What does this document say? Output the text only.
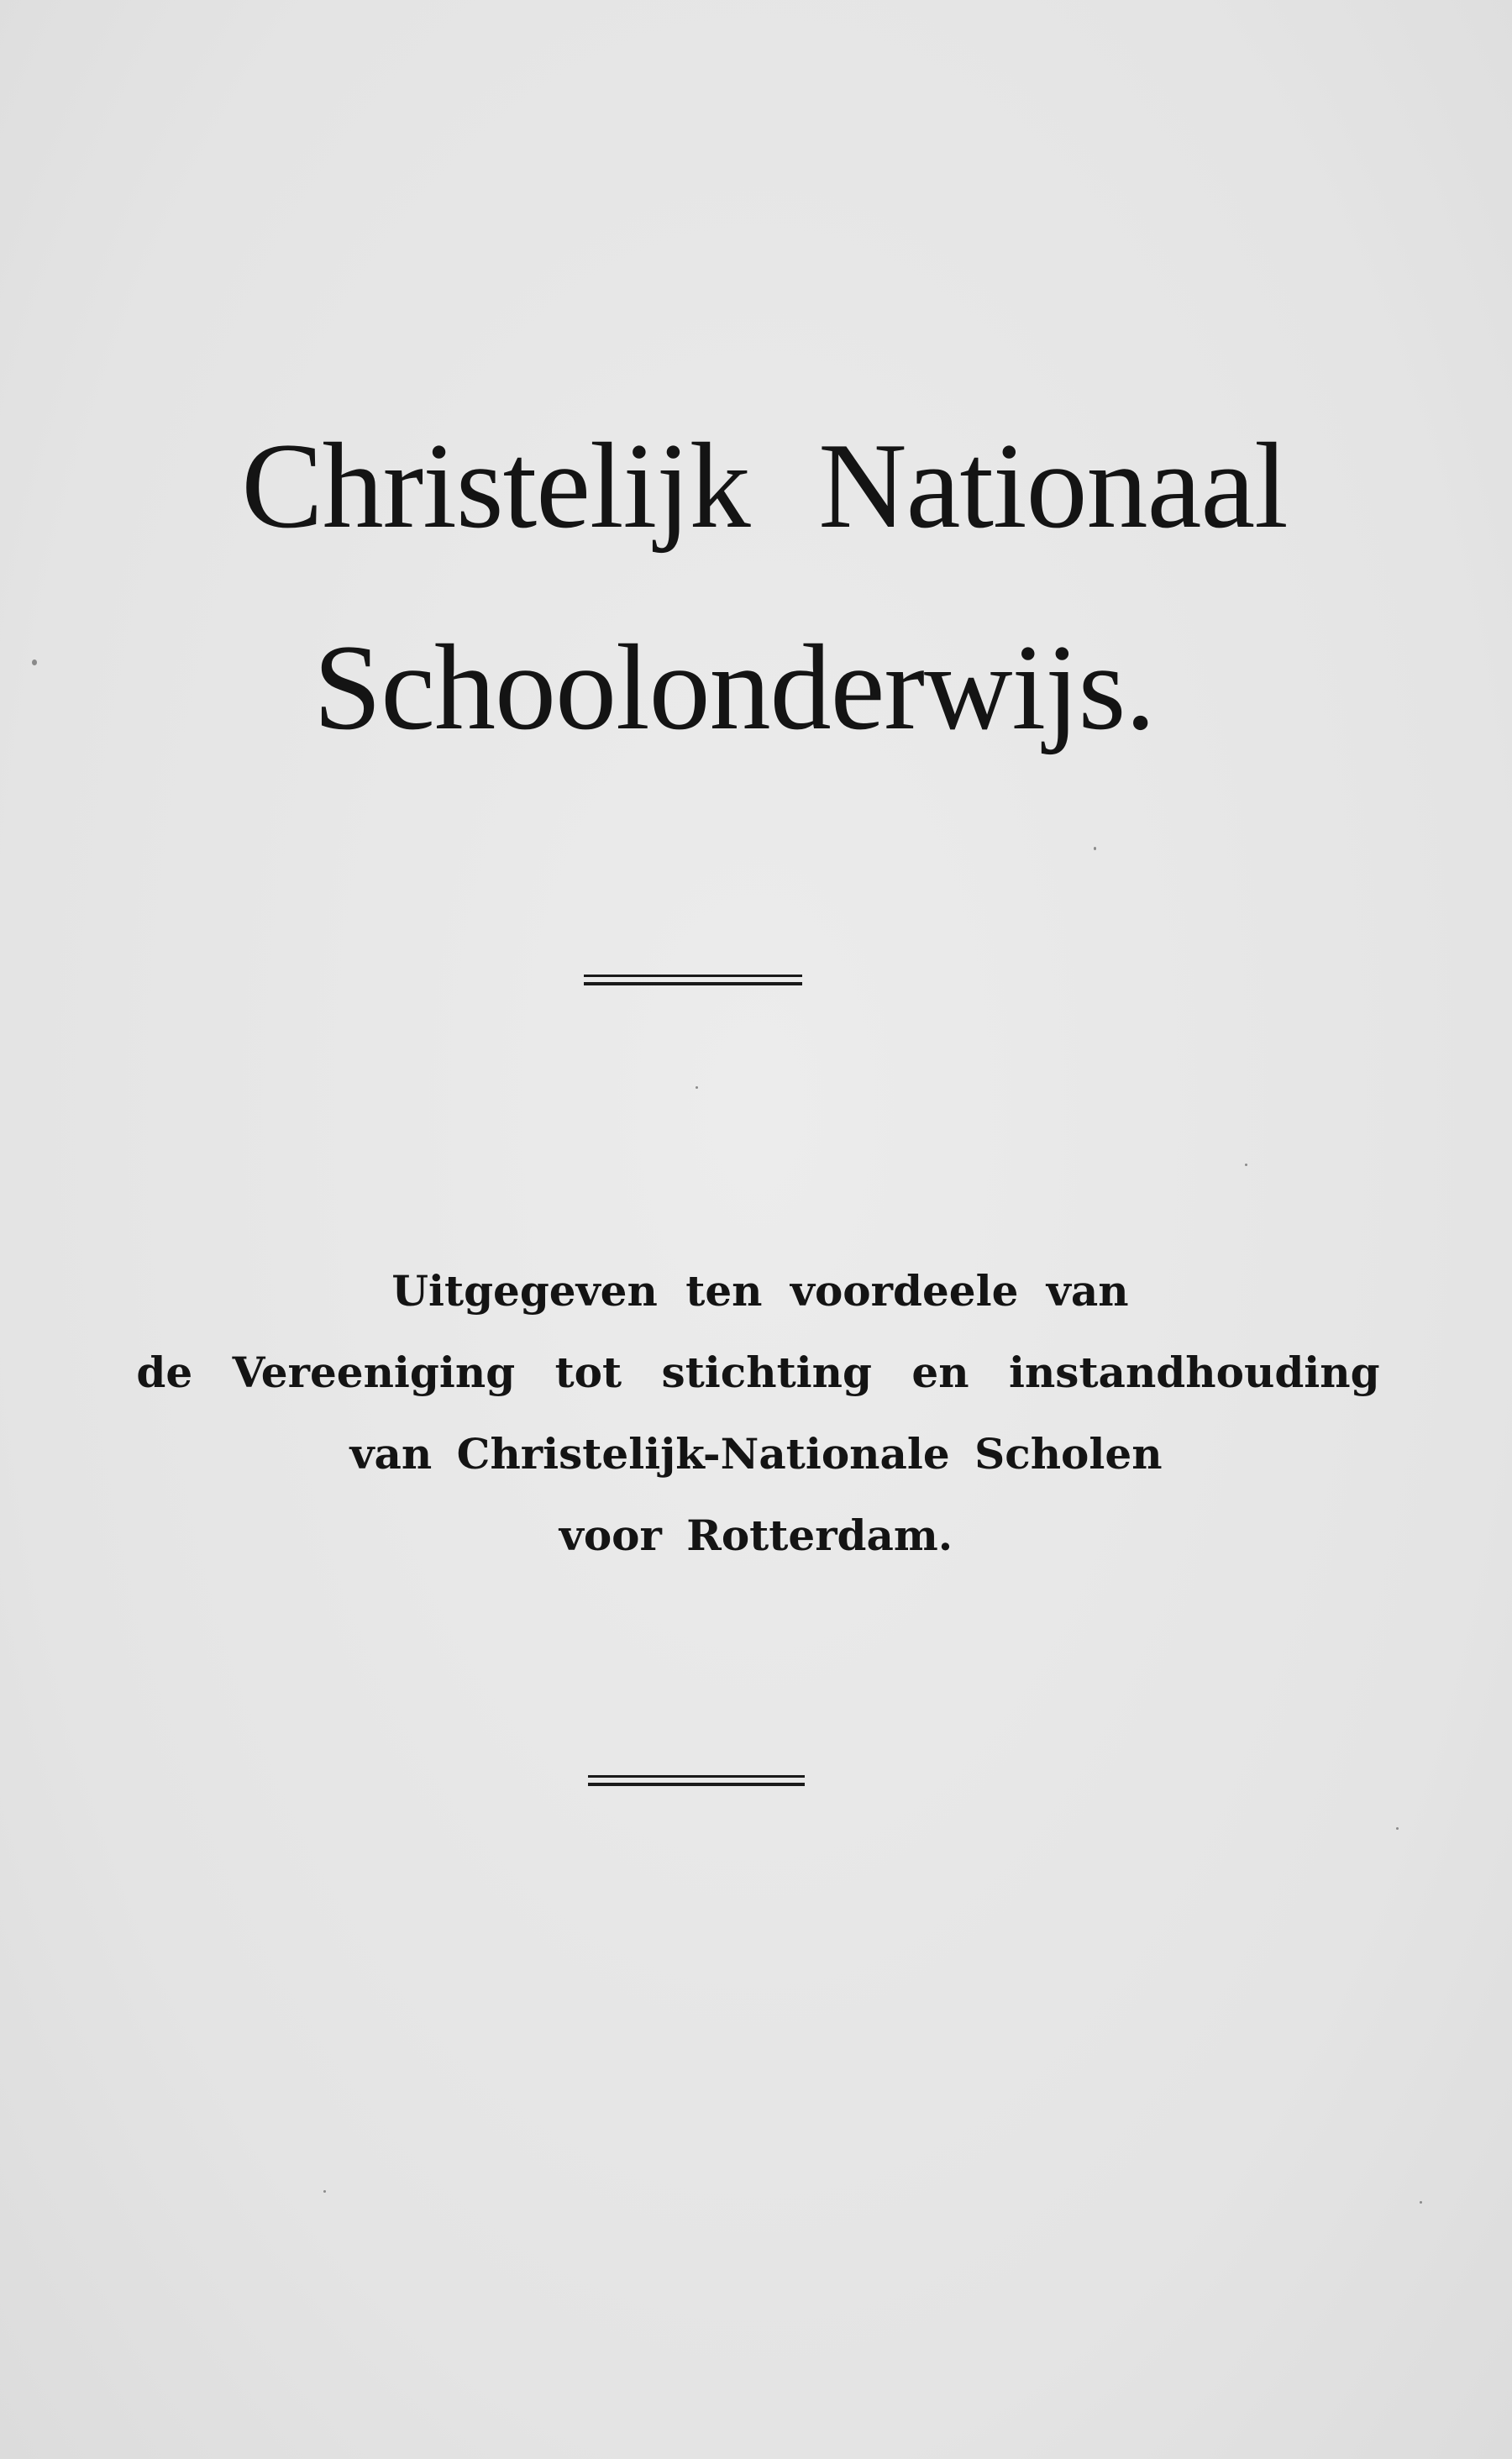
Christelijk Nationaal
Schoolonderwijs.

Uitgegeven ten voordeele van
de Vereeniging tot stichting en instandhouding
van Christelijk-Nationale Scholen
voor Rotterdam.
